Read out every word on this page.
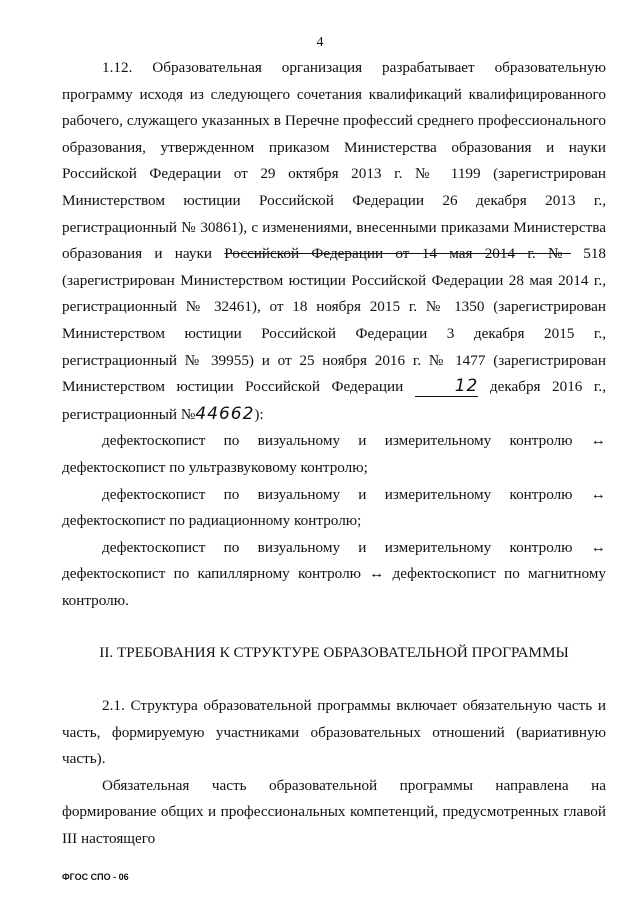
4

1.12. Образовательная организация разрабатывает образовательную программу исходя из следующего сочетания квалификаций квалифицированного рабочего, служащего указанных в Перечне профессий среднего профессионального образования, утвержденном приказом Министерства образования и науки Российской Федерации от 29 октября 2013 г. № 1199 (зарегистрирован Министерством юстиции Российской Федерации 26 декабря 2013 г., регистрационный № 30861), с изменениями, внесенными приказами Министерства образования и науки Российской Федерации от 14 мая 2014 г. № 518 (зарегистрирован Министерством юстиции Российской Федерации 28 мая 2014 г., регистрационный № 32461), от 18 ноября 2015 г. № 1350 (зарегистрирован Министерством юстиции Российской Федерации 3 декабря 2015 г., регистрационный № 39955) и от 25 ноября 2016 г. № 1477 (зарегистрирован Министерством юстиции Российской Федерации	12 декабря 2016 г., регистрационный №44662):

дефектоскопист по визуальному и измерительному контролю ↔ дефектоскопист по ультразвуковому контролю;

дефектоскопист по визуальному и измерительному контролю ↔ дефектоскопист по радиационному контролю;

дефектоскопист по визуальному и измерительному контролю ↔ дефектоскопист по капиллярному контролю ↔ дефектоскопист по магнитному контролю.

II. ТРЕБОВАНИЯ К СТРУКТУРЕ ОБРАЗОВАТЕЛЬНОЙ ПРОГРАММЫ

2.1. Структура образовательной программы включает обязательную часть и часть, формируемую участниками образовательных отношений (вариативную часть).

Обязательная часть образовательной программы направлена на формирование общих и профессиональных компетенций, предусмотренных главой III настоящего

ФГОС СПО - 06
